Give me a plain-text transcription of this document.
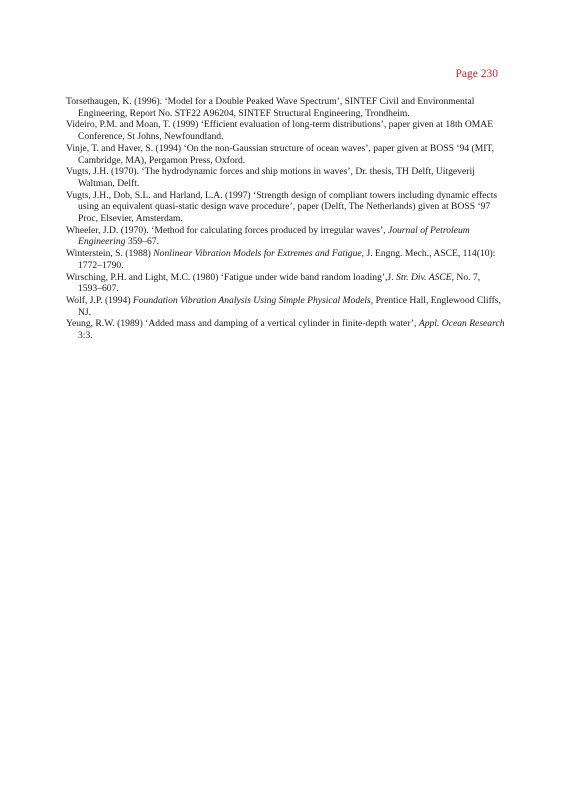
Page 230
Torsethaugen, K. (1996). ‘Model for a Double Peaked Wave Spectrum’, SINTEF Civil and Environmental Engineering, Report No. STF22 A96204, SINTEF Structural Engineering, Trondheim.
Videiro, P.M. and Moan, T. (1999) ‘Efficient evaluation of long-term distributions’, paper given at 18th OMAE Conference, St Johns, Newfoundland.
Vinje, T. and Haver, S. (1994) ‘On the non-Gaussian structure of ocean waves’, paper given at BOSS ‘94 (MIT, Cambridge, MA), Pergamon Press, Oxford.
Vugts, J.H. (1970). ‘The hydrodynamic forces and ship motions in waves’, Dr. thesis, TH Delft, Uitgeverij Waltman, Delft.
Vugts, J.H., Dob, S.L. and Harland, L.A. (1997) ‘Strength design of compliant towers including dynamic effects using an equivalent quasi-static design wave procedure’, paper (Delft, The Netherlands) given at BOSS ‘97 Proc, Elsevier, Amsterdam.
Wheeler, J.D. (1970). ‘Method for calculating forces produced by irregular waves’, Journal of Petroleum Engineering 359–67.
Winterstein, S. (1988) Nonlinear Vibration Models for Extremes and Fatigue, J. Engng. Mech., ASCE, 114(10): 1772–1790.
Wirsching, P.H. and Light, M.C. (1980) ‘Fatigue under wide band random loading’,J. Str. Div. ASCE, No. 7, 1593–607.
Wolf, J.P. (1994) Foundation Vibration Analysis Using Simple Physical Models, Prentice Hall, Englewood Cliffs, NJ.
Yeung, R.W. (1989) ‘Added mass and damping of a vertical cylinder in finite-depth water’, Appl. Ocean Research 3:3.
